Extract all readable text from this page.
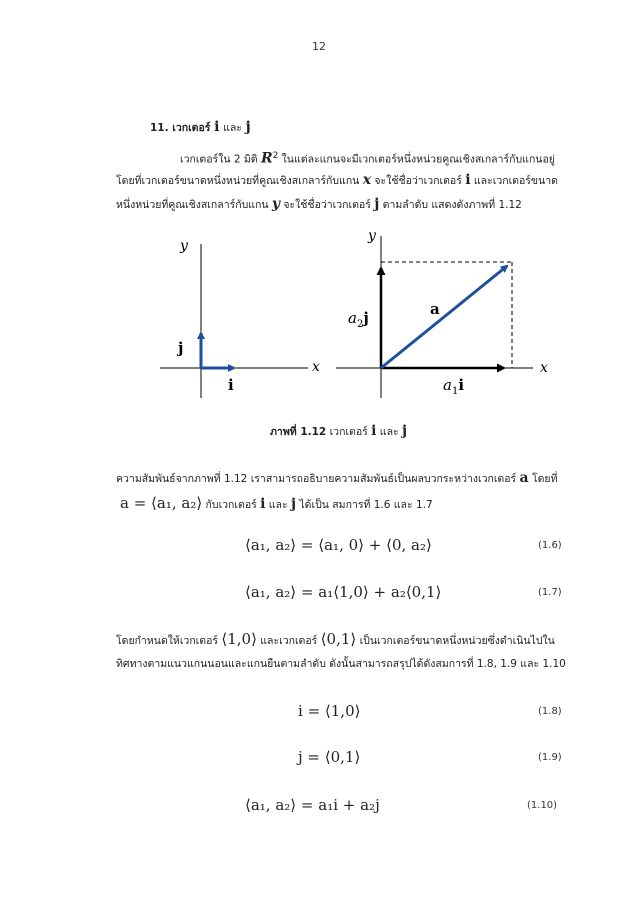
12
11. เวกเตอร์ i และ j
เวกเตอร์ใน 2 มิติ $R^2$ ในแต่ละแกนจะมีเวกเตอร์หนึ่งหน่วยคูณเชิงสเกลาร์กับแกนอยู่
โดยที่เวกเตอร์ขนาดหนึ่งหน่วยที่คูณเชิงสเกลาร์กับแกน x จะใช้ชื่อว่าเวกเตอร์ i และเวกเตอร์ขนาด
หนึ่งหน่วยที่คูณเชิงสเกลาร์กับแกน y จะใช้ชื่อว่าเวกเตอร์ j ตามลำดับ แสดงดังภาพที่ 1.12
y
x
j
i
y
x
a
$a_2j$
$a_1i$
ภาพที่ 1.12 เวกเตอร์ i และ j
ความสัมพันธ์จากภาพที่ 1.12 เราสามารถอธิบายความสัมพันธ์เป็นผลบวกระหว่างเวกเตอร์ a โดยที่
a = ⟨a₁, a₂⟩ กับเวกเตอร์ i และ j ได้เป็น สมการที่ 1.6 และ 1.7
⟨a₁, a₂⟩ = ⟨a₁, 0⟩ + ⟨0, a₂⟩	(1.6)
⟨a₁, a₂⟩ = a₁⟨1,0⟩ + a₂⟨0,1⟩	(1.7)
โดยกำหนดให้เวกเตอร์ ⟨1,0⟩ และเวกเตอร์ ⟨0,1⟩ เป็นเวกเตอร์ขนาดหนึ่งหน่วยซึ่งดำเนินไปใน
ทิศทางตามแนวแกนนอนและแกนยืนตามลำดับ ดังนั้นสามารถสรุปได้ดังสมการที่ 1.8, 1.9 และ 1.10
i = ⟨1,0⟩	(1.8)
j = ⟨0,1⟩	(1.9)
⟨a₁, a₂⟩ = a₁i + a₂j	(1.10)
